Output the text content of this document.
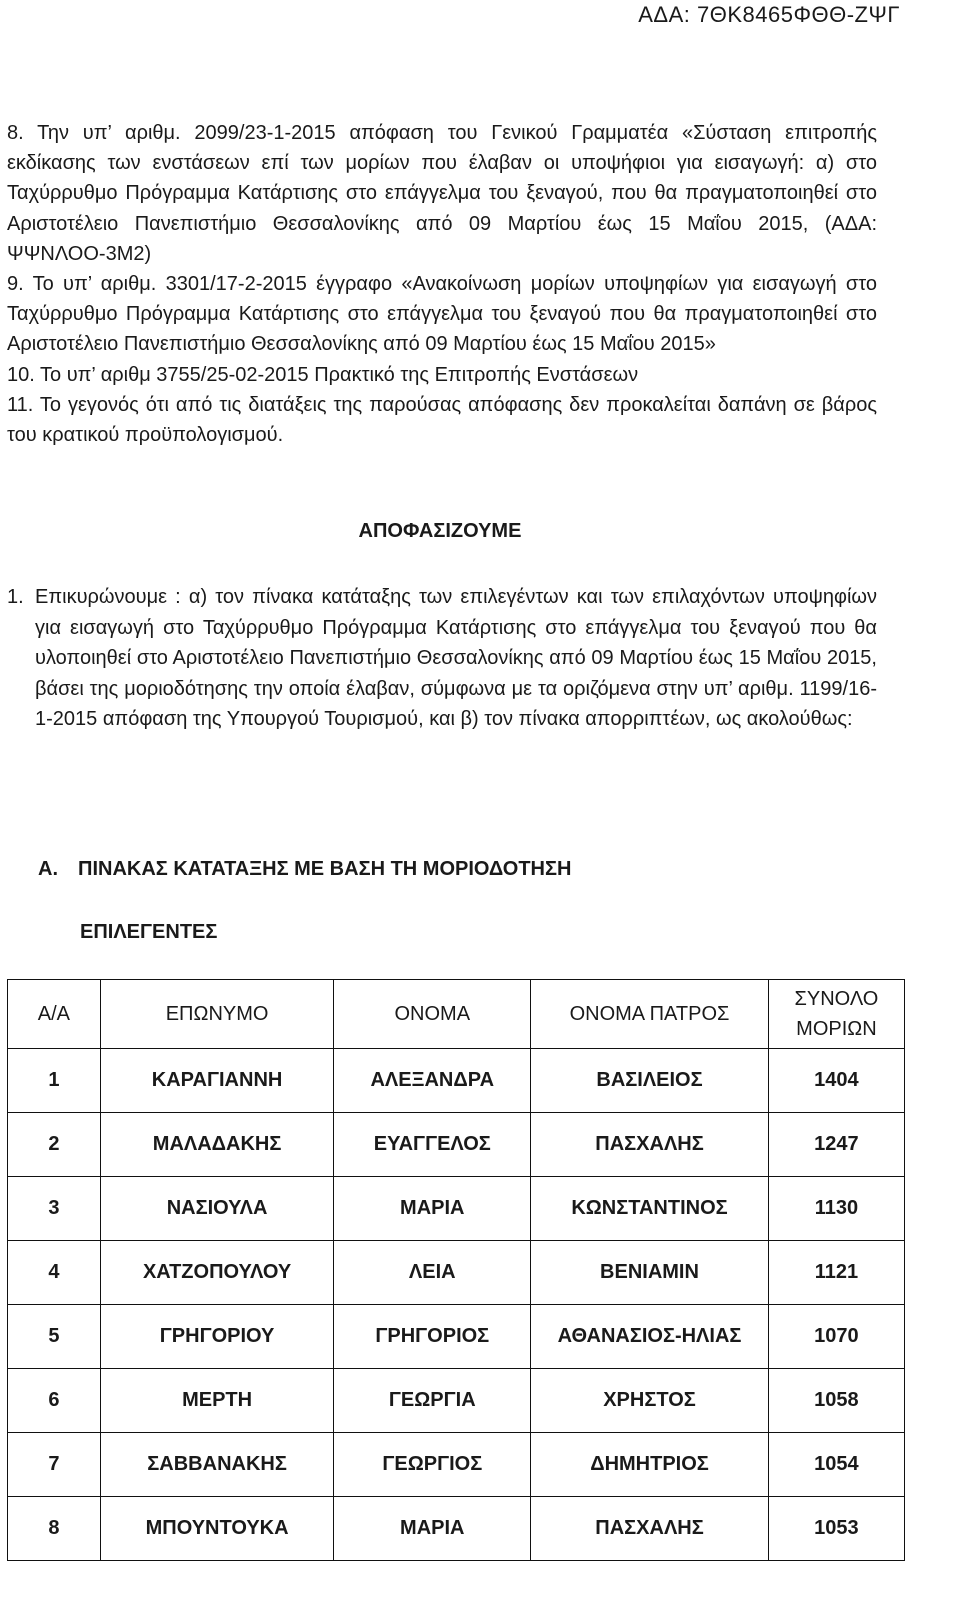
ΑΔΑ: 7ΘΚ8465ΦΘΘ-ΖΨΓ

8. Την υπ’ αριθμ. 2099/23-1-2015 απόφαση του Γενικού Γραμματέα «Σύσταση επιτροπής εκδίκασης των ενστάσεων επί των μορίων που έλαβαν οι υποψήφιοι για εισαγωγή: α) στο Ταχύρρυθμο Πρόγραμμα Κατάρτισης στο επάγγελμα του ξεναγού, που θα πραγματοποιηθεί στο Αριστοτέλειο Πανεπιστήμιο Θεσσαλονίκης από 09 Μαρτίου έως 15 Μαΐου 2015, (ΑΔΑ: ΨΨΝΛΟΟ-3Μ2)

9. Το υπ’ αριθμ. 3301/17-2-2015 έγγραφο «Ανακοίνωση μορίων υποψηφίων για εισαγωγή στο Ταχύρρυθμο Πρόγραμμα Κατάρτισης στο επάγγελμα του ξεναγού που θα πραγματοποιηθεί στο Αριστοτέλειο Πανεπιστήμιο Θεσσαλονίκης από 09 Μαρτίου έως 15 Μαΐου 2015»

10. Το υπ’ αριθμ 3755/25-02-2015 Πρακτικό της Επιτροπής Ενστάσεων

11. Το γεγονός ότι από τις διατάξεις της παρούσας απόφασης δεν προκαλείται δαπάνη σε βάρος του κρατικού προϋπολογισμού.

ΑΠΟΦΑΣΙΖΟΥΜΕ
1. Επικυρώνουμε : α) τον πίνακα κατάταξης των επιλεγέντων και των επιλαχόντων υποψηφίων για εισαγωγή στο Ταχύρρυθμο Πρόγραμμα Κατάρτισης στο επάγγελμα του ξεναγού που θα υλοποιηθεί στο Αριστοτέλειο Πανεπιστήμιο Θεσσαλονίκης από 09 Μαρτίου έως 15 Μαΐου 2015, βάσει της μοριοδότησης την οποία έλαβαν, σύμφωνα με τα οριζόμενα στην υπ’ αριθμ. 1199/16-1-2015 απόφαση της Υπουργού Τουρισμού, και β) τον πίνακα απορριπτέων, ως ακολούθως:
Α. ΠΙΝΑΚΑΣ ΚΑΤΑΤΑΞΗΣ ΜΕ ΒΑΣΗ ΤΗ ΜΟΡΙΟΔΟΤΗΣΗ
ΕΠΙΛΕΓΕΝΤΕΣ
Α/Α	ΕΠΩΝΥΜΟ	ΟΝΟΜΑ	ΟΝΟΜΑ ΠΑΤΡΟΣ	ΣΥΝΟΛΟ
ΜΟΡΙΩΝ
1	ΚΑΡΑΓΙΑΝΝΗ	ΑΛΕΞΑΝΔΡΑ	ΒΑΣΙΛΕΙΟΣ	1404
2	ΜΑΛΑΔΑΚΗΣ	ΕΥΑΓΓΕΛΟΣ	ΠΑΣΧΑΛΗΣ	1247
3	ΝΑΣΙΟΥΛΑ	ΜΑΡΙΑ	ΚΩΝΣΤΑΝΤΙΝΟΣ	1130
4	ΧΑΤΖΟΠΟΥΛΟΥ	ΛΕΙΑ	ΒΕΝΙΑΜΙΝ	1121
5	ΓΡΗΓΟΡΙΟΥ	ΓΡΗΓΟΡΙΟΣ	ΑΘΑΝΑΣΙΟΣ-ΗΛΙΑΣ	1070
6	ΜΕΡΤΗ	ΓΕΩΡΓΙΑ	ΧΡΗΣΤΟΣ	1058
7	ΣΑΒΒΑΝΑΚΗΣ	ΓΕΩΡΓΙΟΣ	ΔΗΜΗΤΡΙΟΣ	1054
8	ΜΠΟΥΝΤΟΥΚΑ	ΜΑΡΙΑ	ΠΑΣΧΑΛΗΣ	1053
